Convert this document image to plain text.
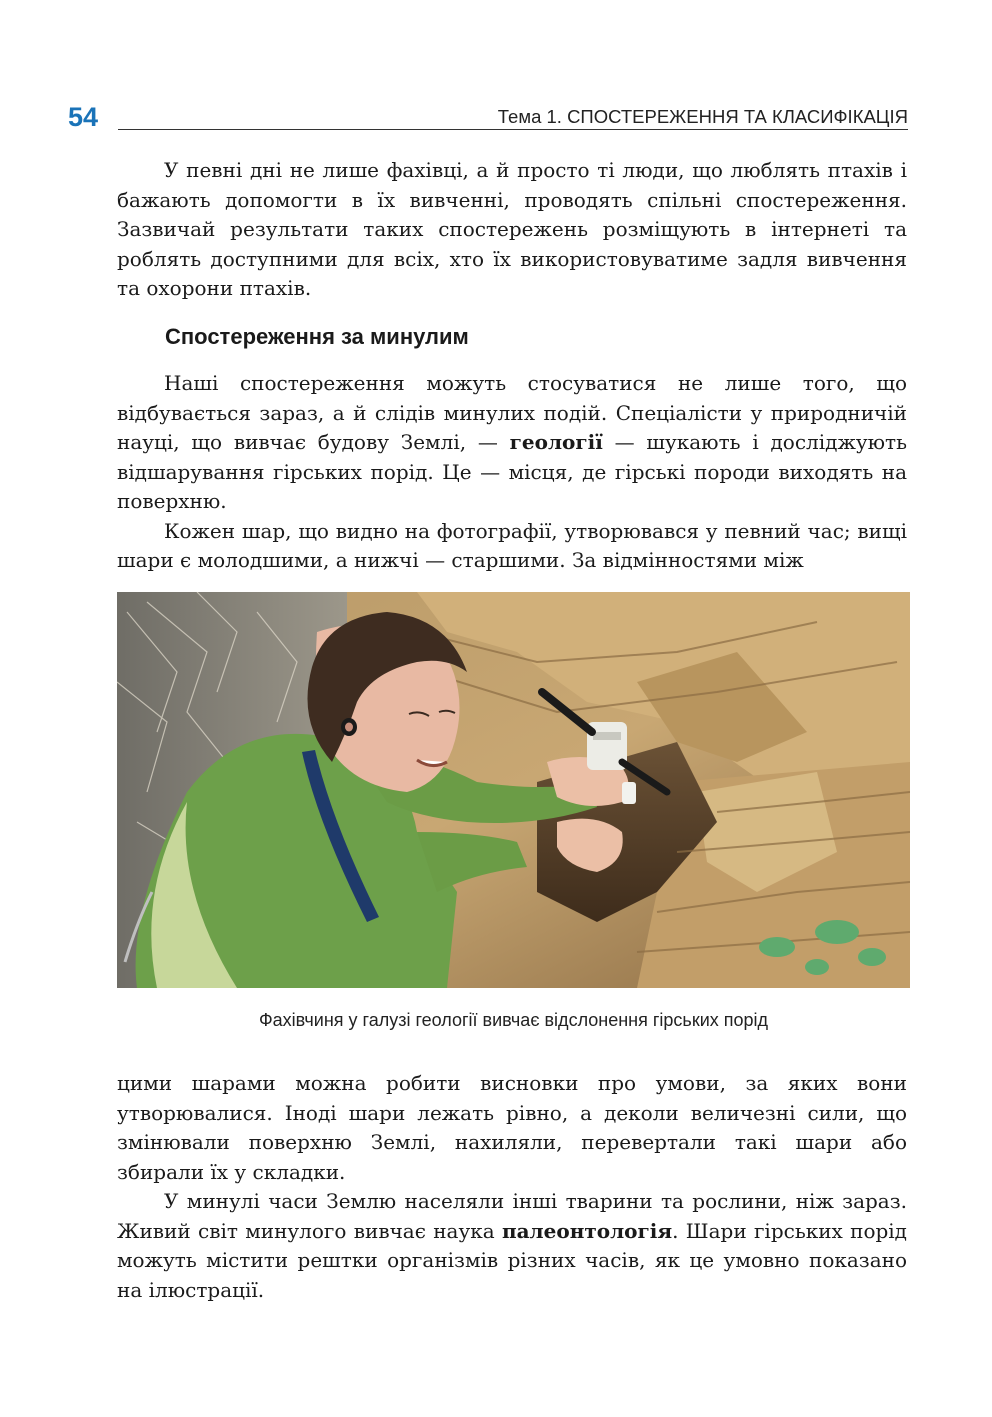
54	Тема 1. СПОСТЕРЕЖЕННЯ ТА КЛАСИФІКАЦІЯ

У певні дні не лише фахівці, а й просто ті люди, що люблять птахів і бажають допомогти в їх вивченні, проводять спільні спостереження. Зазвичай результати таких спостережень розміщують в інтернеті та роблять доступними для всіх, хто їх використовуватиме задля вивчення та охорони птахів.

Спостереження за минулим

Наші спостереження можуть стосуватися не лише того, що відбувається зараз, а й слідів минулих подій. Спеціалісти у природничій науці, що вивчає будову Землі, — геології — шукають і досліджують відшарування гірських порід. Це — місця, де гірські породи виходять на поверхню.

Кожен шар, що видно на фотографії, утворювався у певний час; вищі шари є молодшими, а нижчі — старшими. За відмінностями між

Фахівчиня у галузі геології вивчає відслонення гірських порід

цими шарами можна робити висновки про умови, за яких вони утворювалися. Іноді шари лежать рівно, а деколи величезні сили, що змінювали поверхню Землі, нахиляли, перевертали такі шари або збирали їх у складки.

У минулі часи Землю населяли інші тварини та рослини, ніж зараз. Живий світ минулого вивчає наука палеонтологія. Шари гірських порід можуть містити рештки організмів різних часів, як це умовно показано на ілюстрації.
